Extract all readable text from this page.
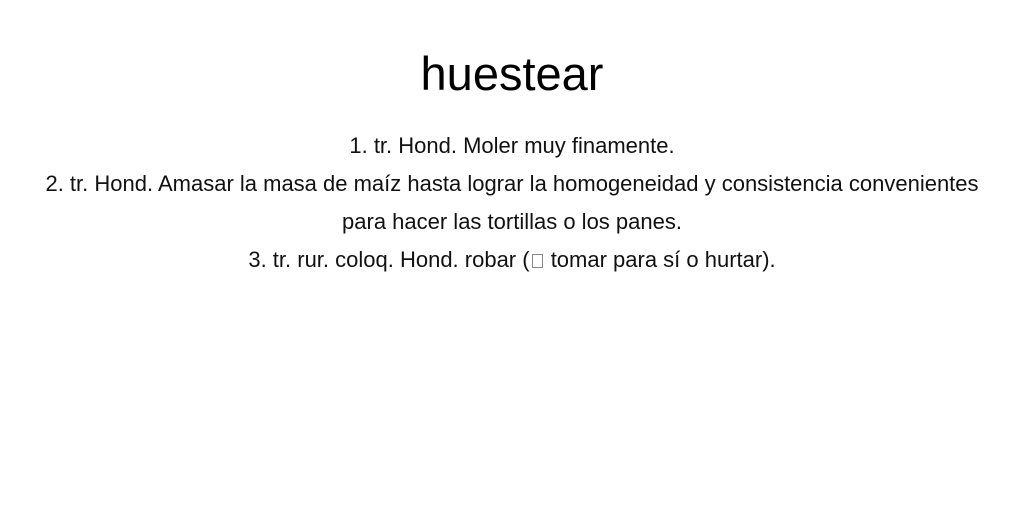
huestear

1. tr. Hond. Moler muy finamente.

2. tr. Hond. Amasar la masa de maíz hasta lograr la homogeneidad y consistencia convenientes para hacer las tortillas o los panes.

3. tr. rur. coloq. Hond. robar ( tomar para sí o hurtar).
